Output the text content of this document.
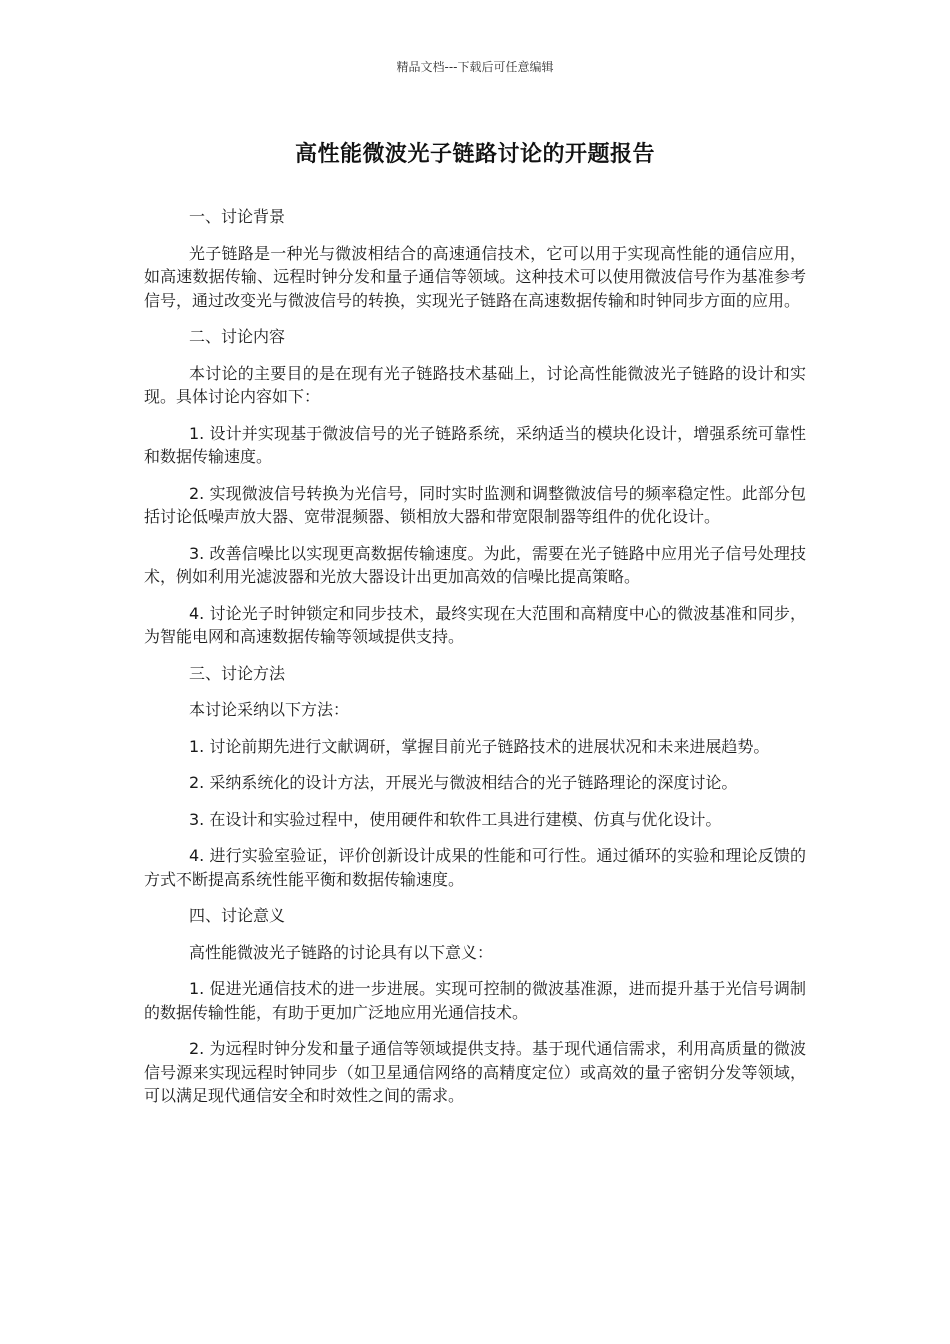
精品文档---下载后可任意编辑
高性能微波光子链路讨论的开题报告

一、讨论背景

光子链路是一种光与微波相结合的高速通信技术，它可以用于实现高性能的通信应用，如高速数据传输、远程时钟分发和量子通信等领域。这种技术可以使用微波信号作为基准参考信号，通过改变光与微波信号的转换，实现光子链路在高速数据传输和时钟同步方面的应用。

二、讨论内容

本讨论的主要目的是在现有光子链路技术基础上，讨论高性能微波光子链路的设计和实现。具体讨论内容如下：

1. 设计并实现基于微波信号的光子链路系统，采纳适当的模块化设计，增强系统可靠性和数据传输速度。

2. 实现微波信号转换为光信号，同时实时监测和调整微波信号的频率稳定性。此部分包括讨论低噪声放大器、宽带混频器、锁相放大器和带宽限制器等组件的优化设计。

3. 改善信噪比以实现更高数据传输速度。为此，需要在光子链路中应用光子信号处理技术，例如利用光滤波器和光放大器设计出更加高效的信噪比提高策略。

4. 讨论光子时钟锁定和同步技术，最终实现在大范围和高精度中心的微波基准和同步，为智能电网和高速数据传输等领域提供支持。

三、讨论方法

本讨论采纳以下方法：

1. 讨论前期先进行文献调研，掌握目前光子链路技术的进展状况和未来进展趋势。

2. 采纳系统化的设计方法，开展光与微波相结合的光子链路理论的深度讨论。

3. 在设计和实验过程中，使用硬件和软件工具进行建模、仿真与优化设计。

4. 进行实验室验证，评价创新设计成果的性能和可行性。通过循环的实验和理论反馈的方式不断提高系统性能平衡和数据传输速度。

四、讨论意义

高性能微波光子链路的讨论具有以下意义：

1. 促进光通信技术的进一步进展。实现可控制的微波基准源，进而提升基于光信号调制的数据传输性能，有助于更加广泛地应用光通信技术。

2. 为远程时钟分发和量子通信等领域提供支持。基于现代通信需求，利用高质量的微波信号源来实现远程时钟同步（如卫星通信网络的高精度定位）或高效的量子密钥分发等领域，可以满足现代通信安全和时效性之间的需求。
